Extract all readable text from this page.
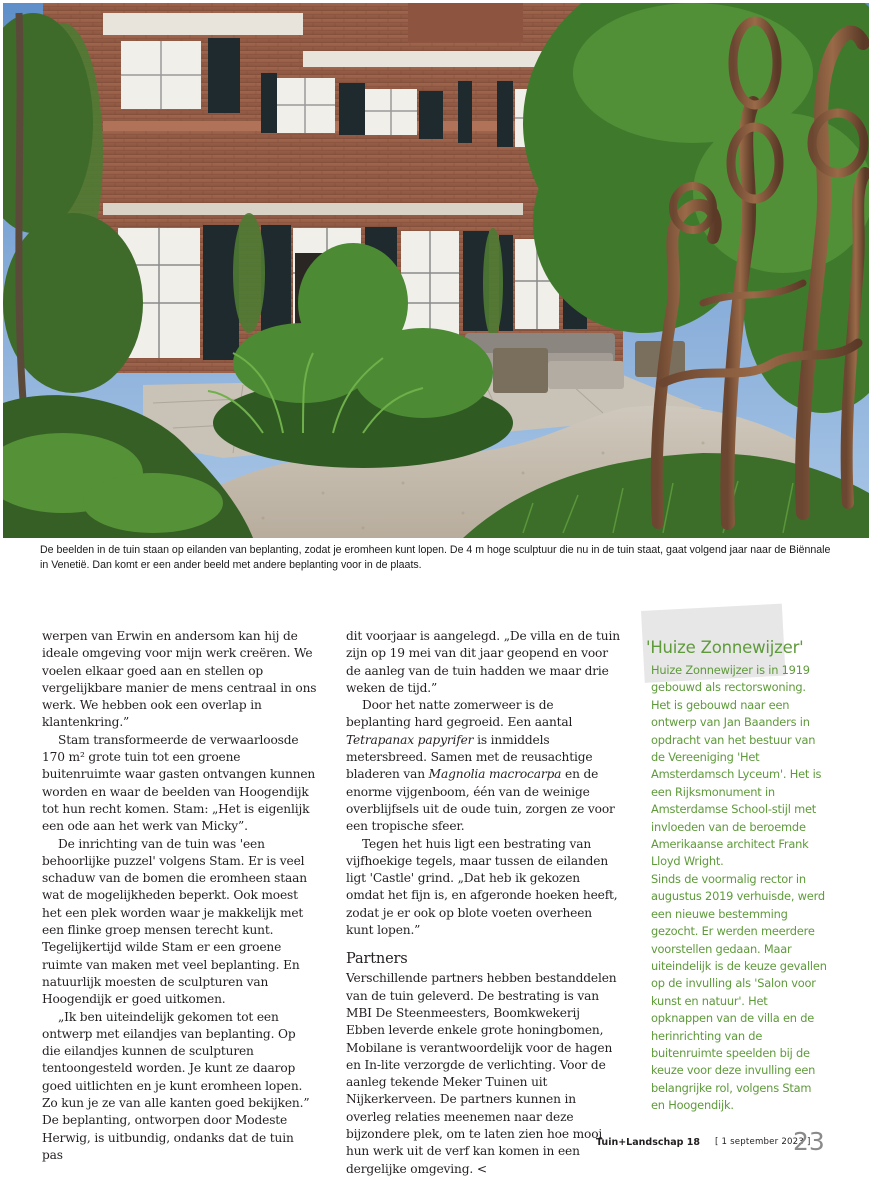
De beelden in de tuin staan op eilanden van beplanting, zodat je eromheen kunt lopen. De 4 m hoge sculptuur die nu in de tuin staat, gaat volgend jaar naar de Biënnale in Venetië. Dan komt er een ander beeld met andere beplanting voor in de plaats.

werpen van Erwin en andersom kan hij de ideale omgeving voor mijn werk creëren. We voelen elkaar goed aan en stellen op vergelijkbare manier de mens centraal in ons werk. We hebben ook een overlap in klantenkring.”

Stam transformeerde de verwaarloosde 170 m² grote tuin tot een groene buitenruimte waar gasten ontvangen kunnen worden en waar de beelden van Hoogendijk tot hun recht komen. Stam: „Het is eigenlijk een ode aan het werk van Micky”.

De inrichting van de tuin was 'een behoorlijke puzzel' volgens Stam. Er is veel schaduw van de bomen die eromheen staan wat de mogelijkheden beperkt. Ook moest het een plek worden waar je makkelijk met een flinke groep mensen terecht kunt. Tegelijkertijd wilde Stam er een groene ruimte van maken met veel beplanting. En natuurlijk moesten de sculpturen van Hoogendijk er goed uitkomen.

„Ik ben uiteindelijk gekomen tot een ontwerp met eilandjes van beplanting. Op die eilandjes kunnen de sculpturen tentoongesteld worden. Je kunt ze daarop goed uitlichten en je kunt eromheen lopen. Zo kun je ze van alle kanten goed bekijken.” De beplanting, ontworpen door Modeste Herwig, is uitbundig, ondanks dat de tuin pas

dit voorjaar is aangelegd. „De villa en de tuin zijn op 19 mei van dit jaar geopend en voor de aanleg van de tuin hadden we maar drie weken de tijd.”

Door het natte zomerweer is de beplanting hard gegroeid. Een aantal Tetrapanax papyrifer is inmiddels metersbreed. Samen met de reusachtige bladeren van Magnolia macrocarpa en de enorme vijgenboom, één van de weinige overblijfsels uit de oude tuin, zorgen ze voor een tropische sfeer.

Tegen het huis ligt een bestrating van vijfhoekige tegels, maar tussen de eilanden ligt 'Castle' grind. „Dat heb ik gekozen omdat het fijn is, en afgeronde hoeken heeft, zodat je er ook op blote voeten overheen kunt lopen.”

Partners

Verschillende partners hebben bestanddelen van de tuin geleverd. De bestrating is van MBI De Steenmeesters, Boomkwekerij Ebben leverde enkele grote honingbomen, Mobilane is verantwoordelijk voor de hagen en In-lite verzorgde de verlichting. Voor de aanleg tekende Meker Tuinen uit Nijkerkerveen. De partners kunnen in overleg relaties meenemen naar deze bijzondere plek, om te laten zien hoe mooi hun werk uit de verf kan komen in een dergelijke omgeving. <

'Huize Zonnewijzer'

Huize Zonnewijzer is in 1919 gebouwd als rectorswoning. Het is gebouwd naar een ontwerp van Jan Baanders in opdracht van het bestuur van de Vereeniging 'Het Amsterdamsch Lyceum'. Het is een Rijksmonument in Amsterdamse School-stijl met invloeden van de beroemde Amerikaanse architect Frank Lloyd Wright.

Sinds de voormalig rector in augustus 2019 verhuisde, werd een nieuwe bestemming gezocht. Er werden meerdere voorstellen gedaan. Maar uiteindelijk is de keuze gevallen op de invulling als 'Salon voor kunst en natuur'. Het opknappen van de villa en de herinrichting van de buitenruimte speelden bij de keuze voor deze invulling een belangrijke rol, volgens Stam en Hoogendijk.

Tuin+Landschap 18 [ 1 september 2023 ]
23
